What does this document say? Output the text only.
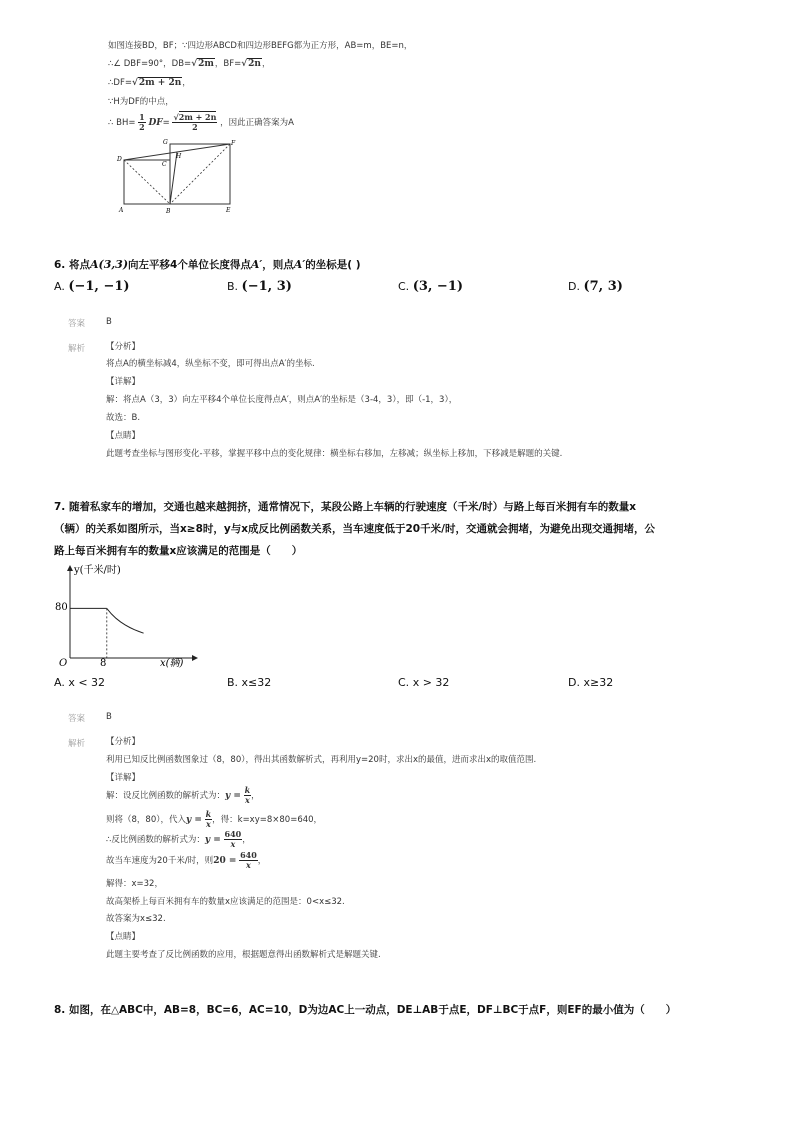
如图连接BD，BF；∵四边形ABCD和四边形BEFG都为正方形，AB=m，BE=n，
∴∠ DBF=90°，DB=√2m，BF=√2n，
∴DF=√2m + 2n，
∵H为DF的中点，
∴ $BH= \frac{1}{2} DF= \frac{√2m + 2n}{2}$ ，因此正确答案为A
D
G
C
H
F
A	B	E
6. 将点A(3,3)向左平移4个单位长度得点A′，则点A′的坐标是( )
A. (−1, −1)	B. (−1, 3)	C. (3, −1)	D. (7, 3)
答案 B
解析 【分析】
将点A的横坐标减4，纵坐标不变，即可得出点A′的坐标.
【详解】
解：将点A（3，3）向左平移4个单位长度得点A′，则点A′的坐标是（3-4，3），即（-1，3），
故选：B.
【点睛】
此题考查坐标与图形变化-平移，掌握平移中点的变化规律：横坐标右移加，左移减；纵坐标上移加，下移减是解题的关键.
7. 随着私家车的增加，交通也越来越拥挤，通常情况下，某段公路上车辆的行驶速度（千米/时）与路上每百米拥有车的数量x
（辆）的关系如图所示，当x≥8时，y与x成反比例函数关系，当车速度低于20千米/时，交通就会拥堵，为避免出现交通拥堵，公
路上每百米拥有车的数量x应该满足的范围是（　　）
y(千米/时)
x(辆)
O
80
8
A. x < 32	B. x≤32	C. x > 32	D. x≥32
答案 B
解析 【分析】
利用已知反比例函数图象过（8，80），得出其函数解析式，再利用y=20时，求出x的最值，进而求出x的取值范围.
【详解】
解：设反比例函数的解析式为：$y = \frac{k}{x}$ ，
则将（8，80），代入$y = \frac{k}{x}$ ，得：k=xy=8×80=640，
∴反比例函数的解析式为：$y = \frac{640}{x}$ ，
故当车速度为20千米/时，则$20 = \frac{640}{x}$ ，
解得：x=32，
故高架桥上每百米拥有车的数量x应该满足的范围是：0<x≤32.
故答案为x≤32.
【点睛】
此题主要考查了反比例函数的应用，根据题意得出函数解析式是解题关键.
8. 如图，在△ABC中，AB=8，BC=6，AC=10，D为边AC上一动点，DE⊥AB于点E，DF⊥BC于点F，则EF的最小值为（　　）
